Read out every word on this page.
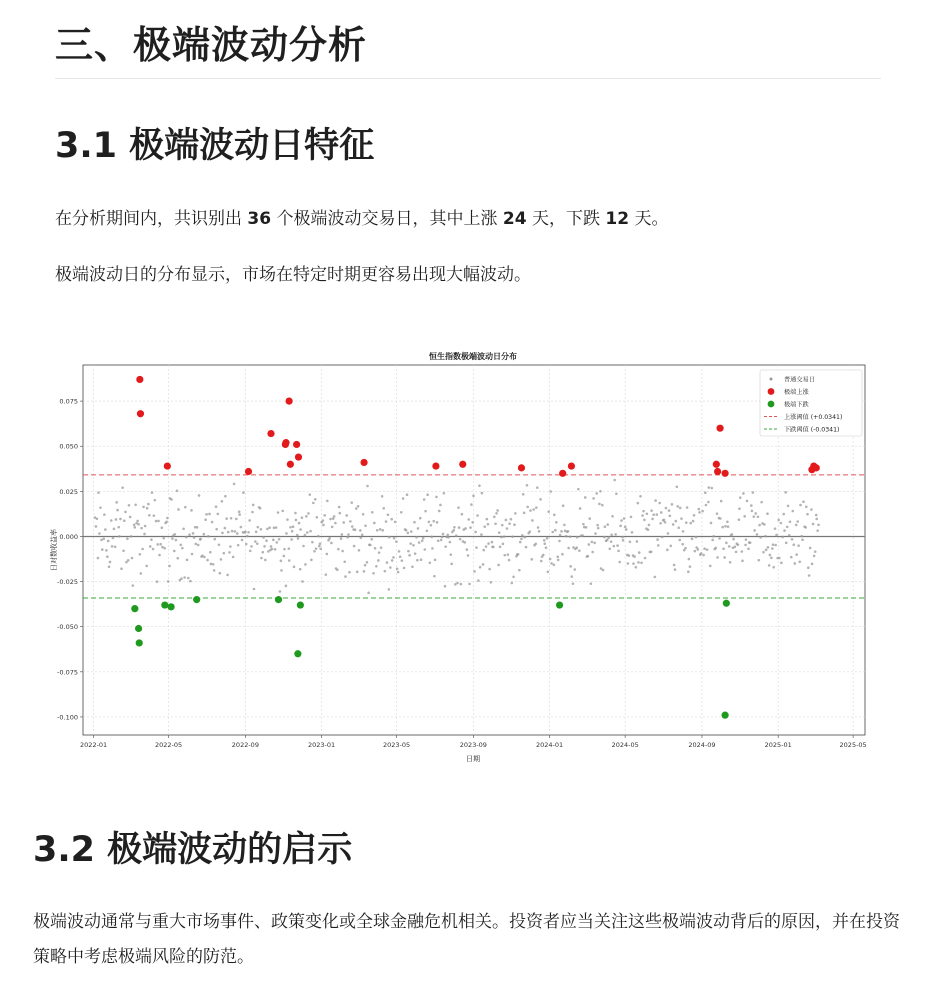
三、极端波动分析
3.1 极端波动日特征

在分析期间内，共识别出 36 个极端波动交易日，其中上涨 24 天，下跌 12 天。

极端波动日的分布显示，市场在特定时期更容易出现大幅波动。

恒生指数极端波动日分布
0.075
0.050
0.025
0.000
-0.025
-0.050
-0.075
-0.100
2022-01	2022-05	2022-09	2023-01	2023-05	2023-09	2024-01	2024-05	2024-09	2025-01	2025-05
日期
日对数收益率
普通交易日
极端上涨
极端下跌
上涨阈值 (+0.0341)
下跌阈值 (-0.0341)
3.2 极端波动的启示

极端波动通常与重大市场事件、政策变化或全球金融危机相关。投资者应当关注这些极端波动背后的原因，并在投资策略中考虑极端风险的防范。
